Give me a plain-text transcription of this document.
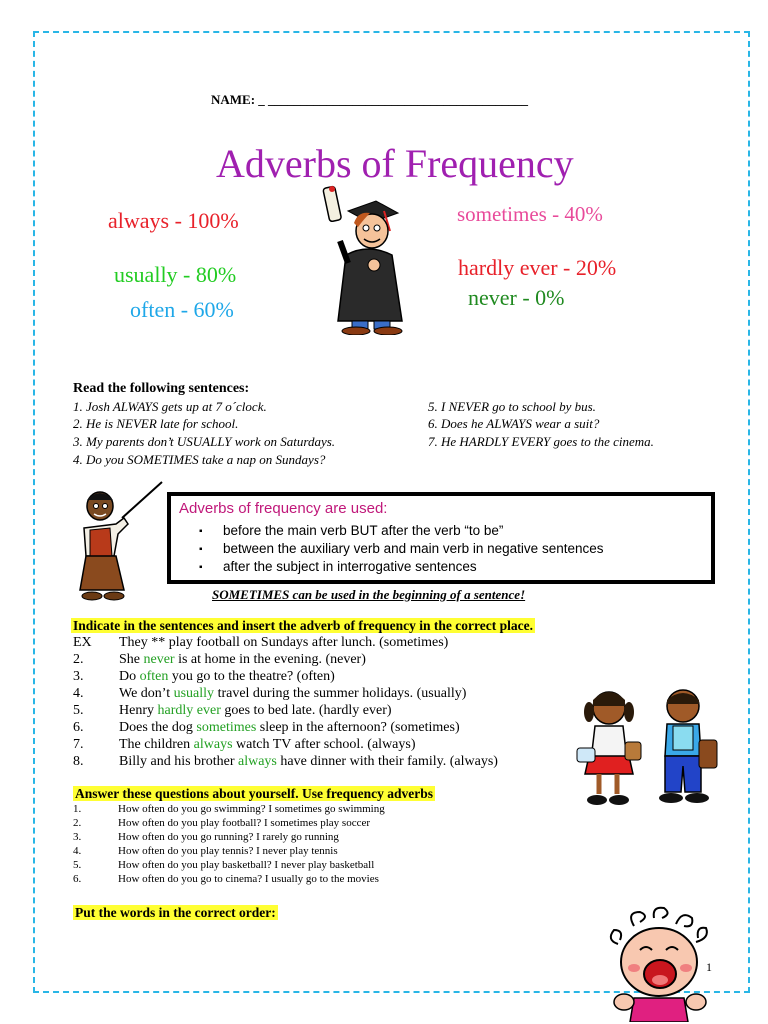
NAME: _ ________________________________________
Adverbs of Frequency
always - 100%
usually - 80%
often - 60%
sometimes - 40%
hardly ever - 20%
never - 0%
Read the following sentences:
1. Josh ALWAYS gets up at 7 o´clock.
2. He is NEVER late for school.
3. My parents don’t USUALLY work on Saturdays.
4. Do you SOMETIMES take a nap on Sundays?
5. I NEVER go to school by bus.
6. Does he ALWAYS wear a suit?
7. He HARDLY EVERY goes to the cinema.
Adverbs of frequency are used:
▪ before the main verb BUT after the verb “to be”
▪ between the auxiliary verb and main verb in negative sentences
▪ after the subject in interrogative sentences
SOMETIMES can be used in the beginning of a sentence!
Indicate in the sentences and insert the adverb of frequency in the correct place.
EX They ** play football on Sundays after lunch. (sometimes)
2.	She never is at home in the evening. (never)
3.	Do often you go to the theatre? (often)
4.	We don’t usually travel during the summer holidays. (usually)
5.	Henry hardly ever goes to bed late. (hardly ever)
6.	Does the dog sometimes sleep in the afternoon? (sometimes)
7.	The children always watch TV after school. (always)
8.	Billy and his brother always have dinner with their family. (always)
Answer these questions about yourself. Use frequency adverbs
1.	How often do you go swimming? I sometimes go swimming
2.	How often do you play football? I sometimes play soccer
3.	How often do you go running? I rarely go running
4.	How often do you play tennis? I never play tennis
5.	How often do you play basketball? I never play basketball
6.	How often do you go to cinema? I usually go to the movies
Put the words in the correct order:
1
